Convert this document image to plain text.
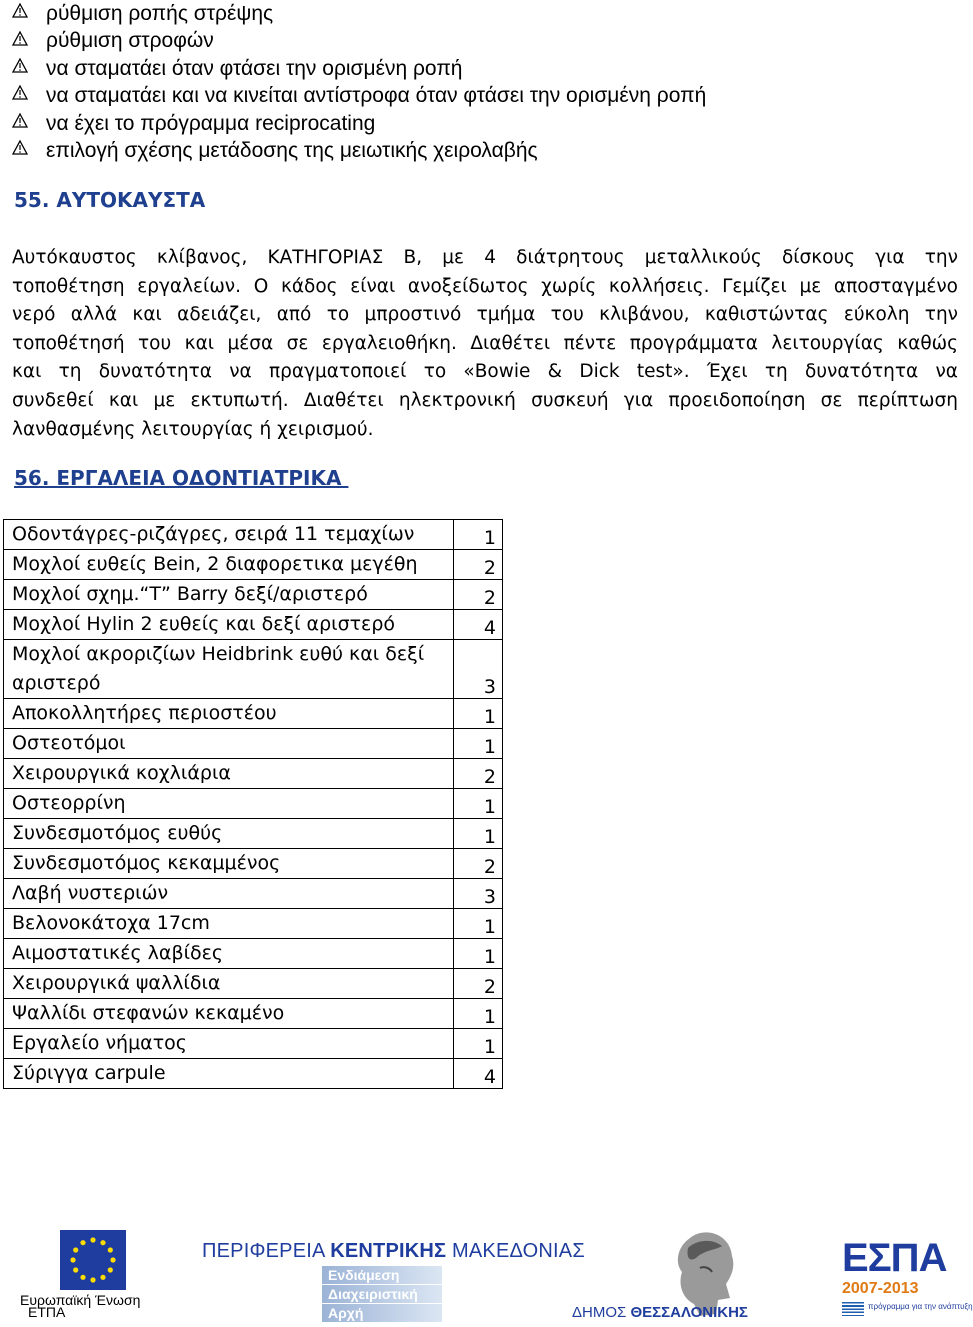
ρύθμιση ροπής στρέψης
ρύθμιση στροφών
να σταματάει όταν φτάσει την ορισμένη ροπή
να σταματάει και να κινείται αντίστροφα όταν φτάσει την ορισμένη ροπή
να έχει το πρόγραμμα reciprocating
επιλογή σχέσης μετάδοσης της μειωτικής χειρολαβής
55. ΑΥΤΟΚΑΥΣΤΑ
Αυτόκαυστος κλίβανος, ΚΑΤΗΓΟΡΙΑΣ Β, με 4 διάτρητους μεταλλικούς δίσκους για την
τοποθέτηση εργαλείων. Ο κάδος είναι ανοξείδωτος χωρίς κολλήσεις. Γεμίζει με αποσταγμένο
νερό αλλά και αδειάζει, από το μπροστινό τμήμα του κλιβάνου, καθιστώντας εύκολη την
τοποθέτησή του και μέσα σε εργαλειοθήκη. Διαθέτει πέντε προγράμματα λειτουργίας καθώς
και τη δυνατότητα να πραγματοποιεί το «Bowie & Dick test». Έχει τη δυνατότητα να
συνδεθεί και με εκτυπωτή. Διαθέτει ηλεκτρονική συσκευή για προειδοποίηση σε περίπτωση
λανθασμένης λειτουργίας ή χειρισμού.
56. ΕΡΓΑΛΕΙΑ ΟΔΟΝΤΙΑΤΡΙΚΑ
Οδοντάγρες-ριζάγρες, σειρά 11 τεμαχίων	1
Μοχλοί ευθείς Bein, 2 διαφορετικα μεγέθη	2
Μοχλοί σχημ.“Τ” Barry δεξί/αριστερό	2
Μοχλοί Hylin 2 ευθείς και δεξί αριστερό	4
Μοχλοί ακρoριζίων Heidbrink ευθύ και δεξί αριστερό	3
Αποκολλητήρες περιοστέου	1
Οστεοτόμοι	1
Χειρουργικά κοχλιάρια	2
Οστεορρίνη	1
Συνδεσμοτόμος ευθύς	1
Συνδεσμοτόμος κεκαμμένος	2
Λαβή νυστεριών	3
Βελονοκάτοχα 17cm	1
Αιμοστατικές λαβίδες	1
Χειρουργικά ψαλλίδια	2
Ψαλλίδι στεφανών κεκαμένο	1
Εργαλείο νήματος	1
Σύριγγα carpule	4
Ευρωπαϊκή Ένωση
ΕΤΠΑ
ΠΕΡΙΦΕΡΕΙΑ ΚΕΝΤΡΙΚΗΣ ΜΑΚΕΔΟΝΙΑΣ
Ενδιάμεση
Διαχειριστική
Αρχή	ΔΗΜΟΣ ΘΕΣΣΑΛΟΝΙΚΗΣ
ΕΣΠΑ
2007-2013
πρόγραμμα για την ανάπτυξη
